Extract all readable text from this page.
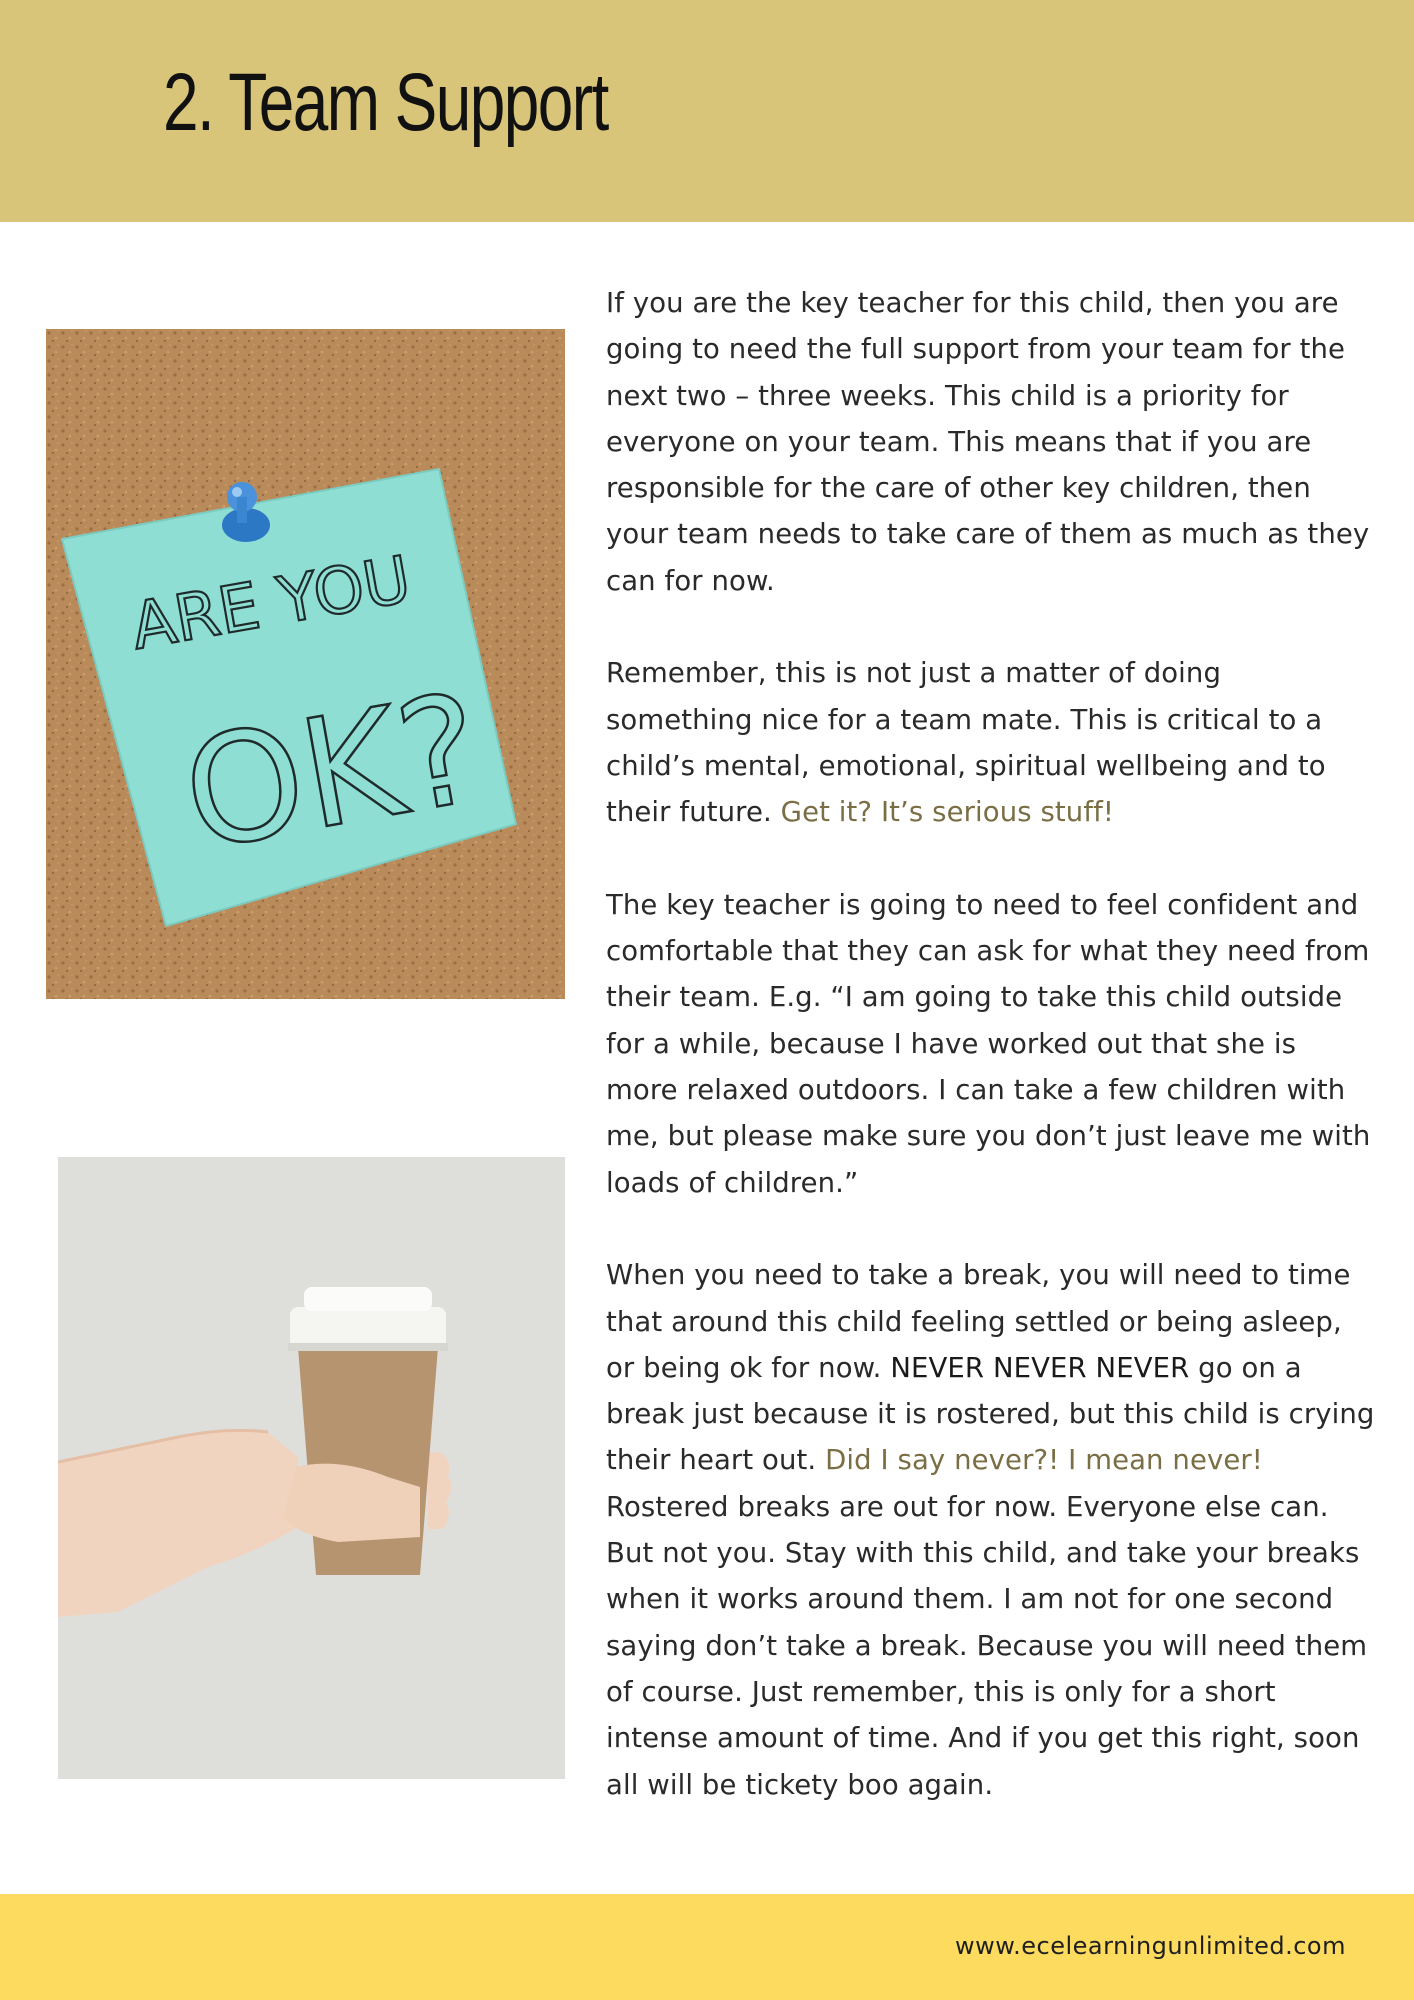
2. Team Support
ARE YOU
OK?

If you are the key teacher for this child, then you are going to need the full support from your team for the next two – three weeks. This child is a priority for everyone on your team. This means that if you are responsible for the care of other key children, then your team needs to take care of them as much as they can for now.

Remember, this is not just a matter of doing something nice for a team mate. This is critical to a child’s mental, emotional, spiritual wellbeing and to their future. Get it? It’s serious stuff!

The key teacher is going to need to feel confident and comfortable that they can ask for what they need from their team. E.g. “I am going to take this child outside for a while, because I have worked out that she is more relaxed outdoors. I can take a few children with me, but please make sure you don’t just leave me with loads of children.”

When you need to take a break, you will need to time that around this child feeling settled or being asleep, or being ok for now. NEVER NEVER NEVER go on a break just because it is rostered, but this child is crying their heart out. Did I say never?! I mean never! Rostered breaks are out for now. Everyone else can. But not you. Stay with this child, and take your breaks when it works around them. I am not for one second saying don’t take a break. Because you will need them of course. Just remember, this is only for a short intense amount of time. And if you get this right, soon all will be tickety boo again.

www.ecelearningunlimited.com
